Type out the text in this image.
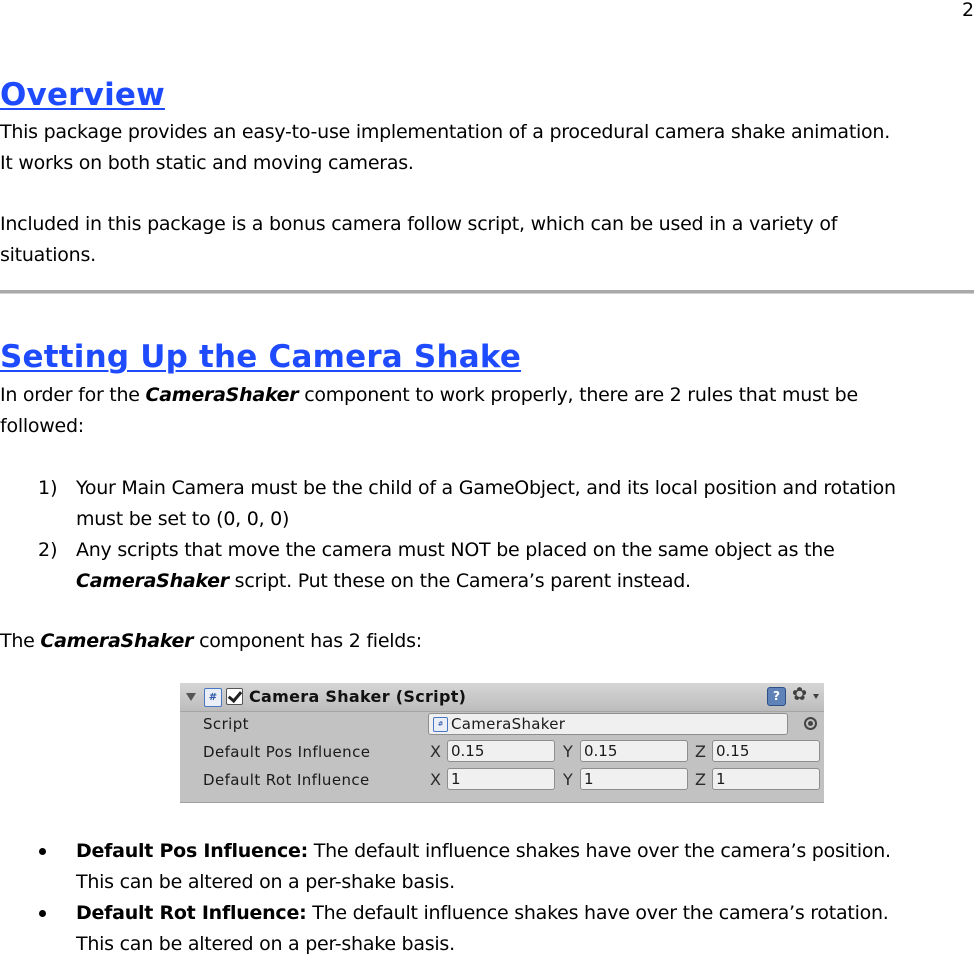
2
Overview

This package provides an easy-to-use implementation of a procedural camera shake animation.

It works on both static and moving cameras.

Included in this package is a bonus camera follow script, which can be used in a variety of

situations.

Setting Up the Camera Shake

In order for the CameraShaker component to work properly, there are 2 rules that must be

followed:

1) Your Main Camera must be the child of a GameObject, and its local position and rotation

must be set to (0, 0, 0)

2) Any scripts that move the camera must NOT be placed on the same object as the

CameraShaker script. Put these on the Camera’s parent instead.

The CameraShaker component has 2 fields:

#	Camera Shaker (Script)	? ✿
Script	# CameraShaker
Default Pos Influence	X 0.15	Y 0.15	Z 0.15
Default Rot Influence	X 1	Y 1	Z 1

Default Pos Influence: The default influence shakes have over the camera’s position.

This can be altered on a per-shake basis.

Default Rot Influence: The default influence shakes have over the camera’s rotation.

This can be altered on a per-shake basis.
